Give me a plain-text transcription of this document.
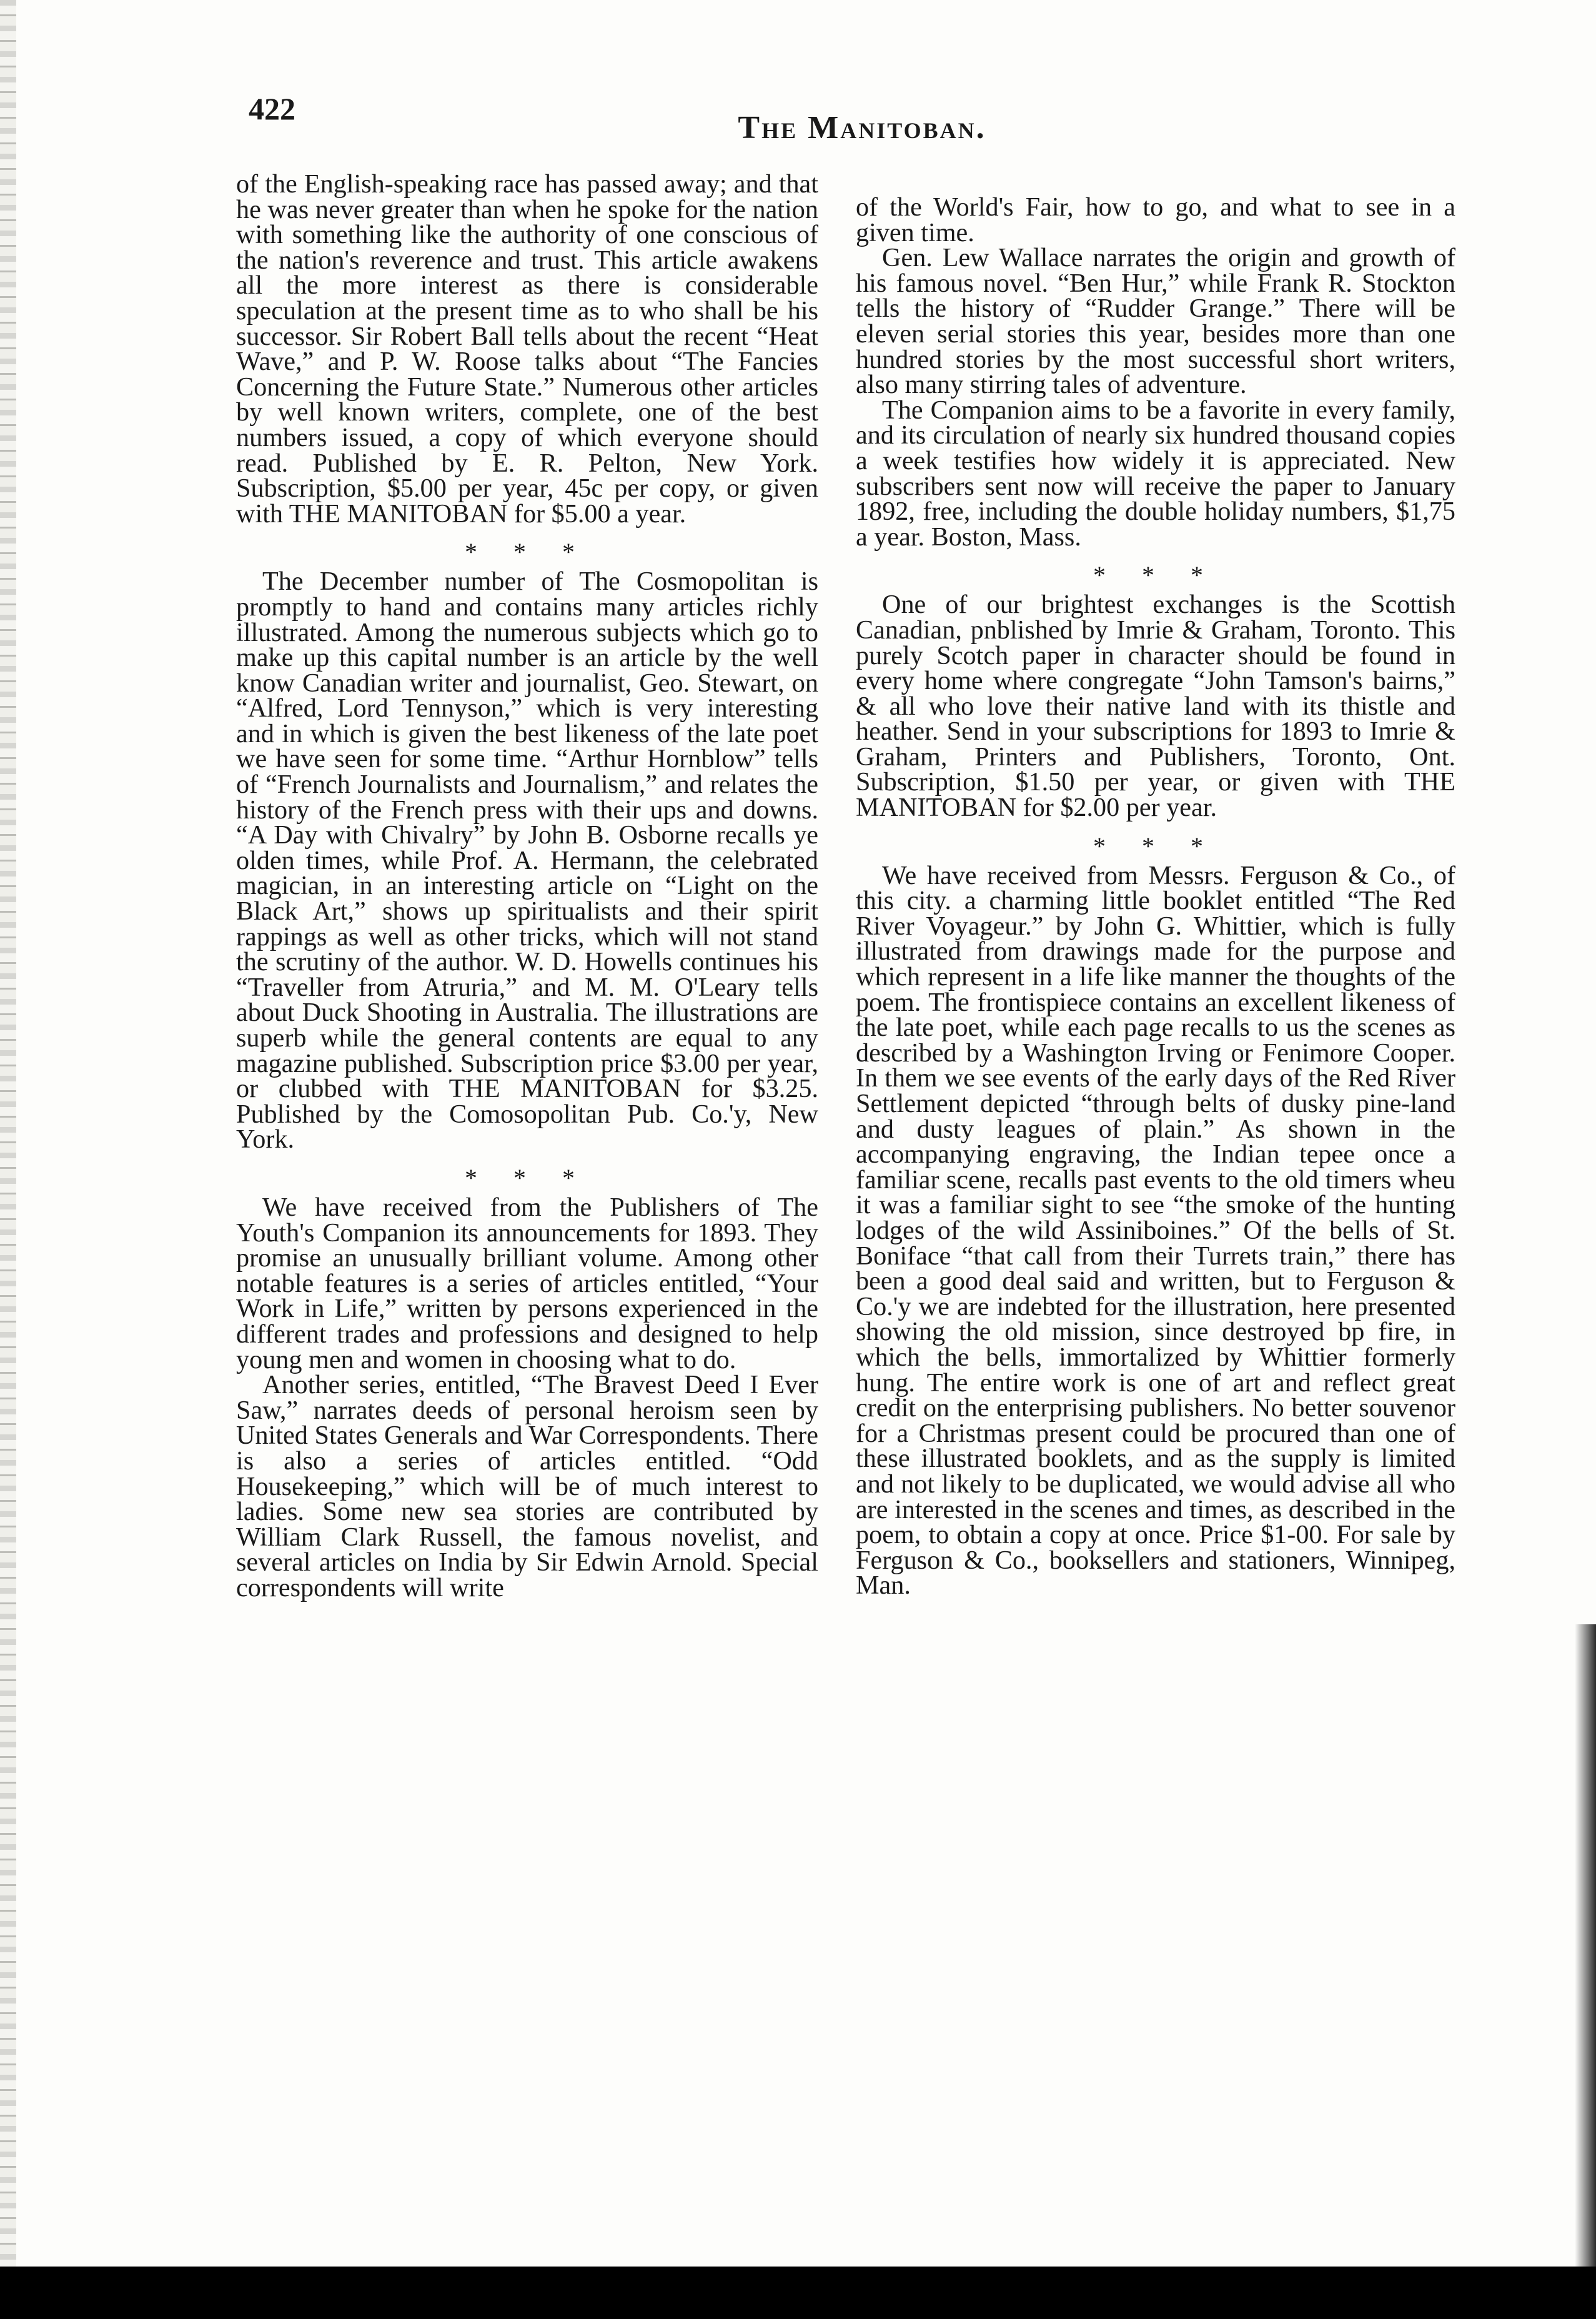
422
The Manitoban.

of the English-speaking race has passed away; and that he was never greater than when he spoke for the nation with something like the authority of one conscious of the nation's reverence and trust. This article awakens all the more interest as there is considerable speculation at the present time as to who shall be his successor. Sir Robert Ball tells about the recent “Heat Wave,” and P. W. Roose talks about “The Fancies Concerning the Future State.” Numerous other articles by well known writers, complete, one of the best numbers issued, a copy of which everyone should read. Published by E. R. Pelton, New York. Subscription, $5.00 per year, 45c per copy, or given with THE MANITOBAN for $5.00 a year.

* * *

The December number of The Cosmopolitan is promptly to hand and contains many articles richly illustrated. Among the numerous subjects which go to make up this capital number is an article by the well know Canadian writer and journalist, Geo. Stewart, on “Alfred, Lord Tennyson,” which is very interesting and in which is given the best likeness of the late poet we have seen for some time. “Arthur Hornblow” tells of “French Journalists and Journalism,” and relates the history of the French press with their ups and downs. “A Day with Chivalry” by John B. Osborne recalls ye olden times, while Prof. A. Hermann, the celebrated magician, in an interesting article on “Light on the Black Art,” shows up spiritualists and their spirit rappings as well as other tricks, which will not stand the scrutiny of the author. W. D. Howells continues his “Traveller from Atruria,” and M. M. O'Leary tells about Duck Shooting in Australia. The illustrations are superb while the general contents are equal to any magazine published. Subscription price $3.00 per year, or clubbed with THE MANITOBAN for $3.25. Published by the Comosopolitan Pub. Co.'y, New York.

* * *

We have received from the Publishers of The Youth's Companion its announcements for 1893. They promise an unusually brilliant volume. Among other notable features is a series of articles entitled, “Your Work in Life,” written by persons experienced in the different trades and professions and designed to help young men and women in choosing what to do.

Another series, entitled, “The Bravest Deed I Ever Saw,” narrates deeds of personal heroism seen by United States Generals and War Correspondents. There is also a series of articles entitled. “Odd Housekeeping,” which will be of much interest to ladies. Some new sea stories are contributed by William Clark Russell, the famous novelist, and several articles on India by Sir Edwin Arnold. Special correspondents will write

of the World's Fair, how to go, and what to see in a given time.

Gen. Lew Wallace narrates the origin and growth of his famous novel. “Ben Hur,” while Frank R. Stockton tells the history of “Rudder Grange.” There will be eleven serial stories this year, besides more than one hundred stories by the most successful short writers, also many stirring tales of adventure.

The Companion aims to be a favorite in every family, and its circulation of nearly six hundred thousand copies a week testifies how widely it is appreciated. New subscribers sent now will receive the paper to January 1892, free, including the double holiday numbers, $1,75 a year. Boston, Mass.

* * *

One of our brightest exchanges is the Scottish Canadian, pnblished by Imrie & Graham, Toronto. This purely Scotch paper in character should be found in every home where congregate “John Tamson's bairns,” & all who love their native land with its thistle and heather. Send in your subscriptions for 1893 to Imrie & Graham, Printers and Publishers, Toronto, Ont. Subscription, $1.50 per year, or given with THE MANITOBAN for $2.00 per year.

* * *

We have received from Messrs. Ferguson & Co., of this city. a charming little booklet entitled “The Red River Voyageur.” by John G. Whittier, which is fully illustrated from drawings made for the purpose and which represent in a life like manner the thoughts of the poem. The frontispiece contains an excellent likeness of the late poet, while each page recalls to us the scenes as described by a Washington Irving or Fenimore Cooper. In them we see events of the early days of the Red River Settlement depicted “through belts of dusky pine-land and dusty leagues of plain.” As shown in the accompanying engraving, the Indian tepee once a familiar scene, recalls past events to the old timers wheu it was a familiar sight to see “the smoke of the hunting lodges of the wild Assiniboines.” Of the bells of St. Boniface “that call from their Turrets train,” there has been a good deal said and written, but to Ferguson & Co.'y we are indebted for the illustration, here presented showing the old mission, since destroyed bp fire, in which the bells, immortalized by Whittier formerly hung. The entire work is one of art and reflect great credit on the enterprising publishers. No better souvenor for a Christmas present could be procured than one of these illustrated booklets, and as the supply is limited and not likely to be duplicated, we would advise all who are interested in the scenes and times, as described in the poem, to obtain a copy at once. Price $1-00. For sale by Ferguson & Co., booksellers and stationers, Winnipeg, Man.
